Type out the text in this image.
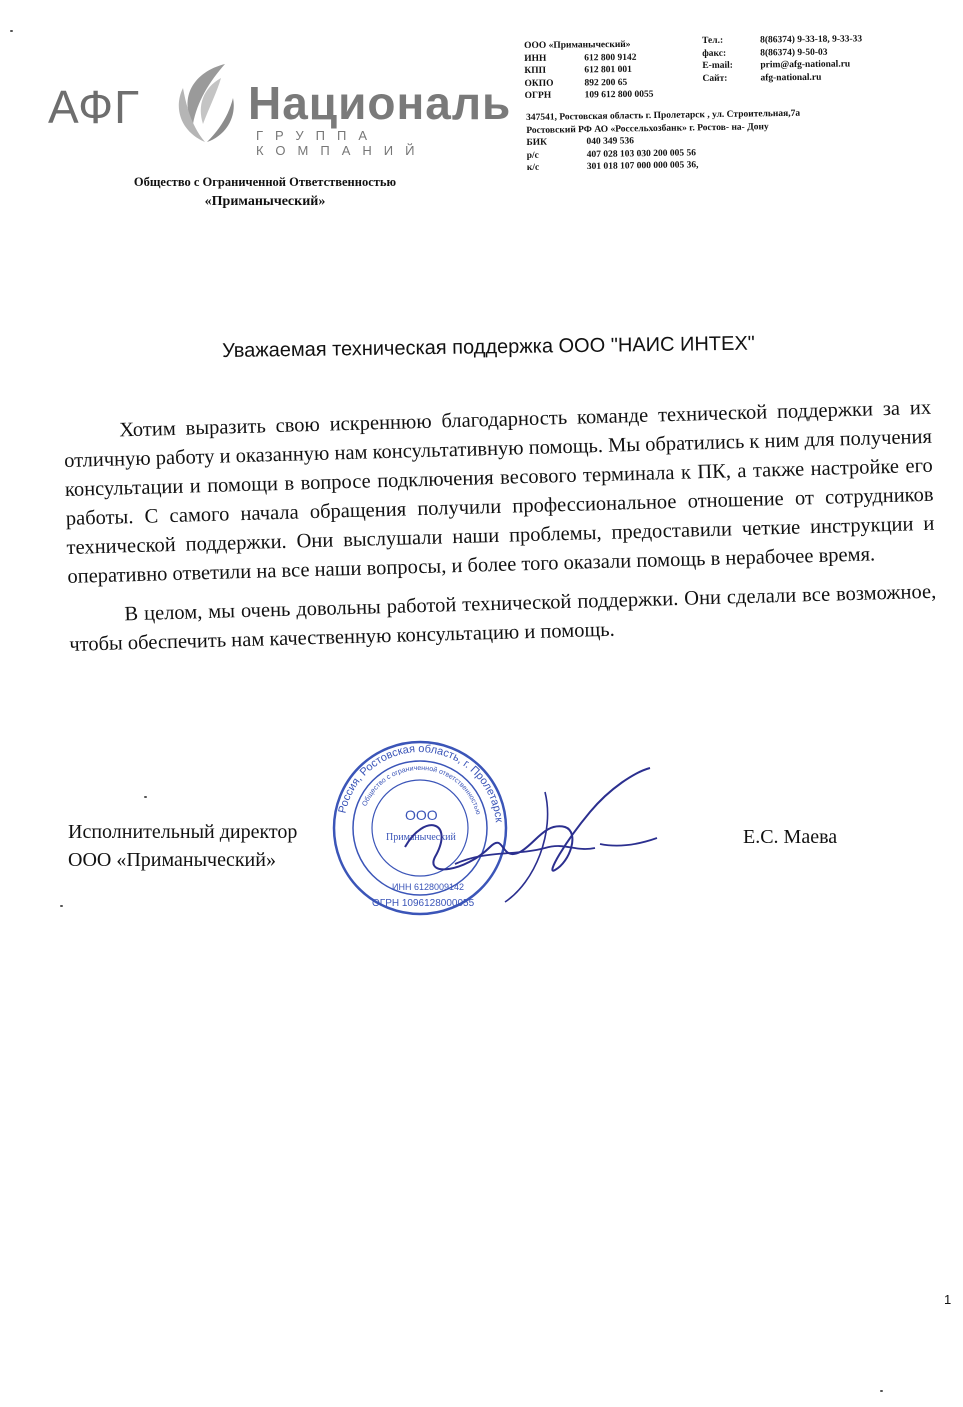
АФГ Националь
ГРУППА КОМПАНИЙ
Общество с Ограниченной Ответственностью
«Приманычеcкий»
ООО «Приманычеcкий»
ИНН	612 800 9142
КПП	612 801 001
ОКПО	892 200 65
ОГРН	109 612 800 0055
Тел.:	8(86374) 9-33-18, 9-33-33
факс:	8(86374) 9-50-03
E-mail:	prim@afg-national.ru
Сайт:	afg-national.ru
347541, Ростовская область г. Пролетарск , ул. Строительная,7а
Ростовский РФ АО «Россельхозбанк» г. Ростов- на- Дону
БИК	040 349 536
р/с	407 028 103 030 200 005 56
к/с	301 018 107 000 000 005 36,
Уважаемая техническая поддержка ООО "НАИС ИНТЕХ"

Хотим выразить свою искреннюю благодарность команде технической поддержки за их отличную работу и оказанную нам консультативную помощь. Мы обратились к ним для получения консультации и помощи в вопросе подключения весового терминала к ПК, а также настройке его работы. С самого начала обращения получили профессиональное отношение от сотрудников технической поддержки. Они выслушали наши проблемы, предоставили четкие инструкции и оперативно ответили на все наши вопросы, и более того оказали помощь в нерабочее время.

В целом, мы очень довольны работой технической поддержки. Они сделали все возможное, чтобы обеспечить нам качественную консультацию и помощь.

Исполнительный директор
ООО «Приманычеcкий»
Е.С. Маева
Россия, Ростовская область, г. Пролетарск
Общество с ограниченной ответственностью
ООО
Приманычеcкий
ИНН 6128009142
ОГРН 1096128000055
1
